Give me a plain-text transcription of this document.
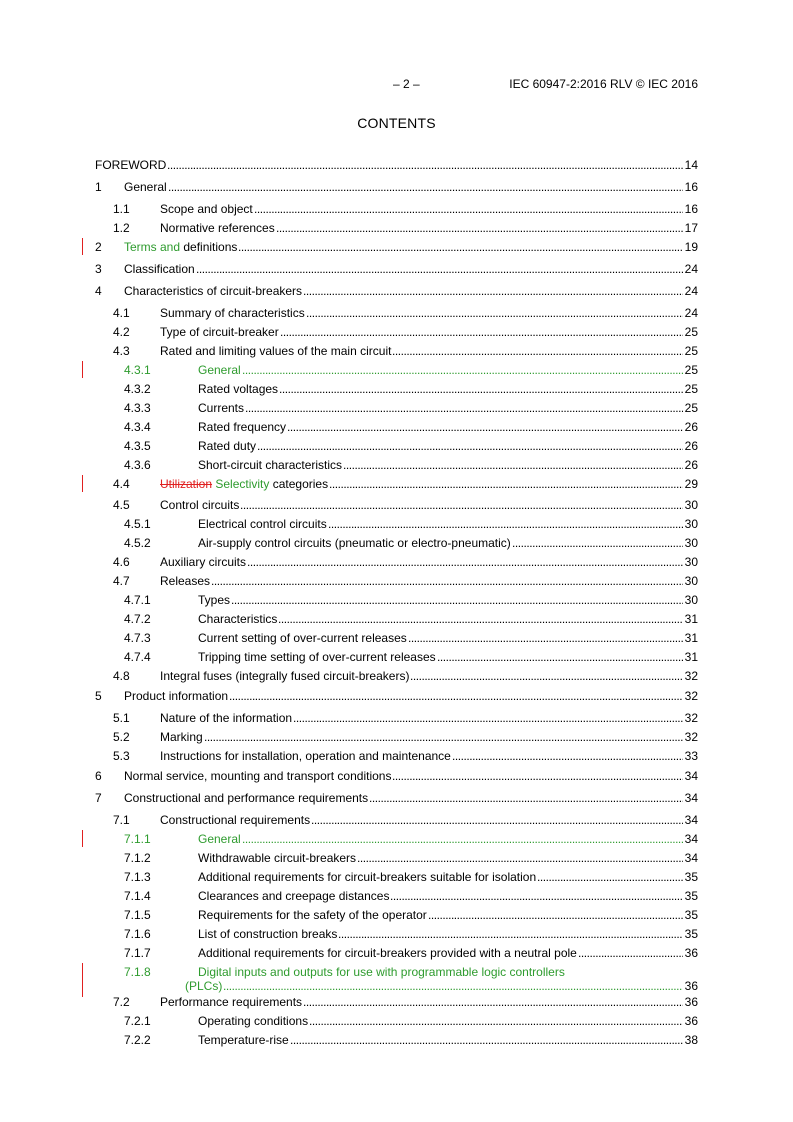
– 2 –	IEC 60947-2:2016 RLV © IEC 2016
CONTENTS
FOREWORD . . .	14
1 General . . .	16
1.1	Scope and object . . .	16
1.2	Normative references . . .	17
2 Terms and definitions . . .	19
3 Classification . . .	24
4 Characteristics of circuit-breakers . . .	24
4.1	Summary of characteristics . . .	24
4.2	Type of circuit-breaker . . .	25
4.3	Rated and limiting values of the main circuit . . .	25
4.3.1	General . . .	25
4.3.2	Rated voltages . . .	25
4.3.3	Currents . . .	25
4.3.4	Rated frequency . . .	26
4.3.5	Rated duty . . .	26
4.3.6	Short-circuit characteristics . . .	26
4.4	Utilization Selectivity categories . . .	29
4.5	Control circuits . . .	30
4.5.1	Electrical control circuits . . .	30
4.5.2	Air-supply control circuits (pneumatic or electro-pneumatic) . . .	30
4.6	Auxiliary circuits . . .	30
4.7	Releases . . .	30
4.7.1	Types . . .	30
4.7.2	Characteristics . . .	31
4.7.3	Current setting of over-current releases . . .	31
4.7.4	Tripping time setting of over-current releases . . .	31
4.8	Integral fuses (integrally fused circuit-breakers) . . .	32
5 Product information . . .	32
5.1	Nature of the information . . .	32
5.2	Marking . . .	32
5.3	Instructions for installation, operation and maintenance . . .	33
6 Normal service, mounting and transport conditions . . .	34
7 Constructional and performance requirements . . .	34
7.1	Constructional requirements . . .	34
7.1.1	General . . .	34
7.1.2	Withdrawable circuit-breakers . . .	34
7.1.3	Additional requirements for circuit-breakers suitable for isolation . . .	35
7.1.4	Clearances and creepage distances . . .	35
7.1.5	Requirements for the safety of the operator . . .	35
7.1.6	List of construction breaks . . .	35
7.1.7	Additional requirements for circuit-breakers provided with a neutral pole . . .	36
7.1.8	Digital inputs and outputs for use with programmable logic controllers
(PLCs) . . .	36
7.2	Performance requirements . . .	36
7.2.1	Operating conditions . . .	36
7.2.2	Temperature-rise . . .	38
